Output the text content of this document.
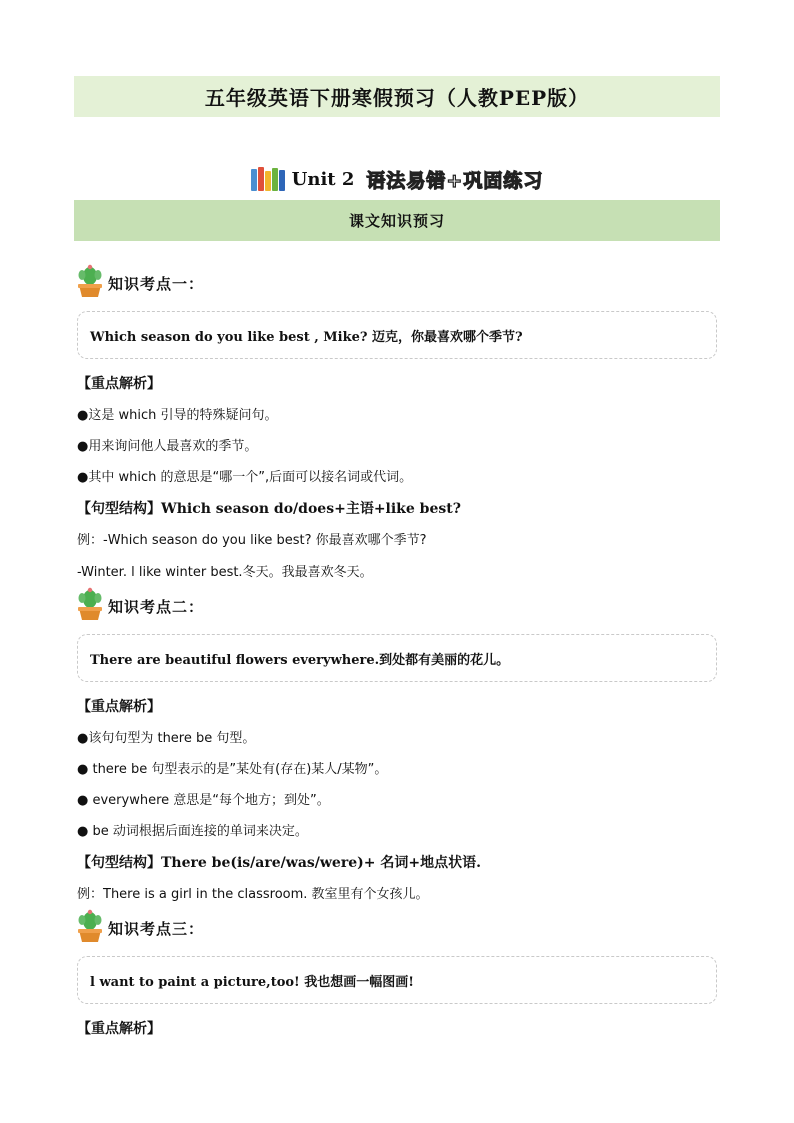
五年级英语下册寒假预习（人教PEP版）
Unit 2 语法易错+巩固练习
课文知识预习
知识考点一：
Which season do you like best , Mike? 迈克，你最喜欢哪个季节?
【重点解析】
●这是 which 引导的特殊疑问句。
●用来询问他人最喜欢的季节。
●其中 which 的意思是“哪一个”,后面可以接名词或代词。
【句型结构】Which season do/does+主语+like best?
例：-Which season do you like best? 你最喜欢哪个季节?
-Winter. l like winter best.冬天。我最喜欢冬天。
知识考点二：
There are beautiful flowers everywhere.到处都有美丽的花儿。
【重点解析】
●该句句型为 there be 句型。
● there be 句型表示的是”某处有(存在)某人/某物”。
● everywhere 意思是“每个地方；到处”。
● be 动词根据后面连接的单词来决定。
【句型结构】There be(is/are/was/were)+ 名词+地点状语.
例：There is a girl in the classroom. 教室里有个女孩儿。
知识考点三：
l want to paint a picture,too! 我也想画一幅图画!
【重点解析】
